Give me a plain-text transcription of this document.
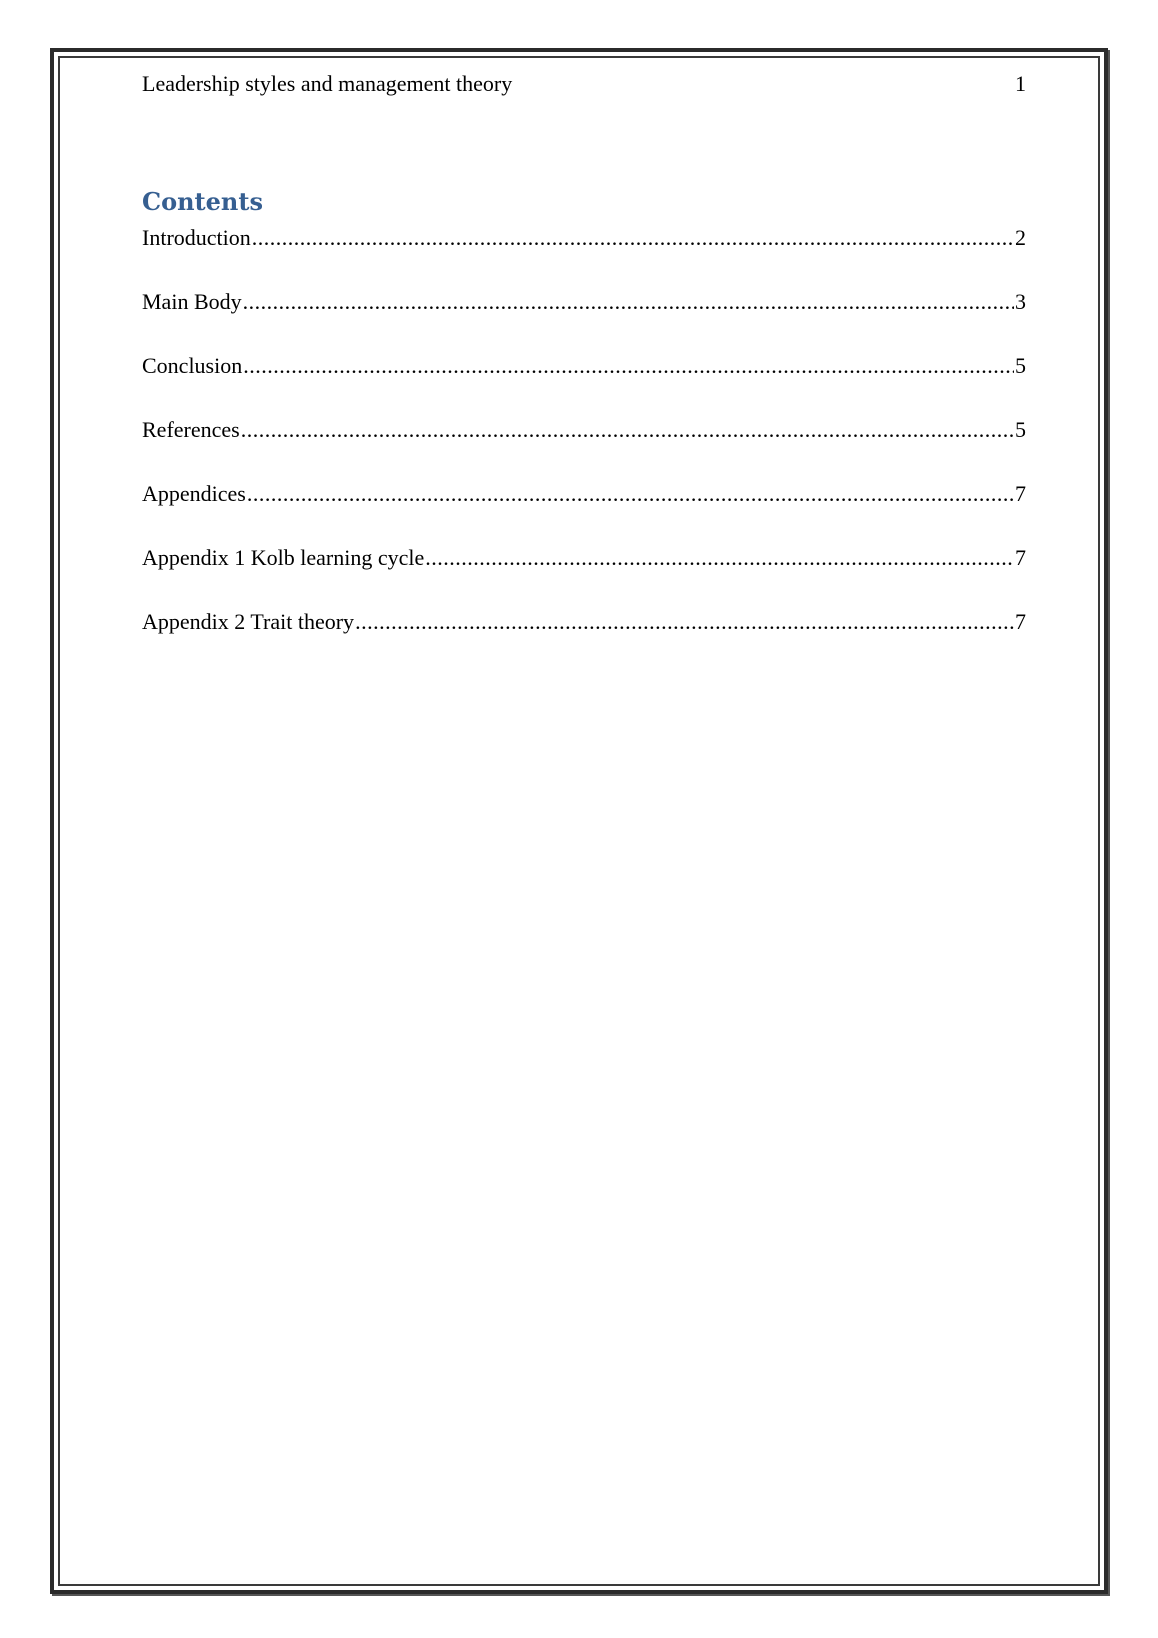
Leadership styles and management theory	1
Contents
Introduction .....	2
Main Body .....	3
Conclusion .....	5
References .....	5
Appendices .....	7
Appendix 1 Kolb learning cycle .....	7
Appendix 2 Trait theory .....	7
